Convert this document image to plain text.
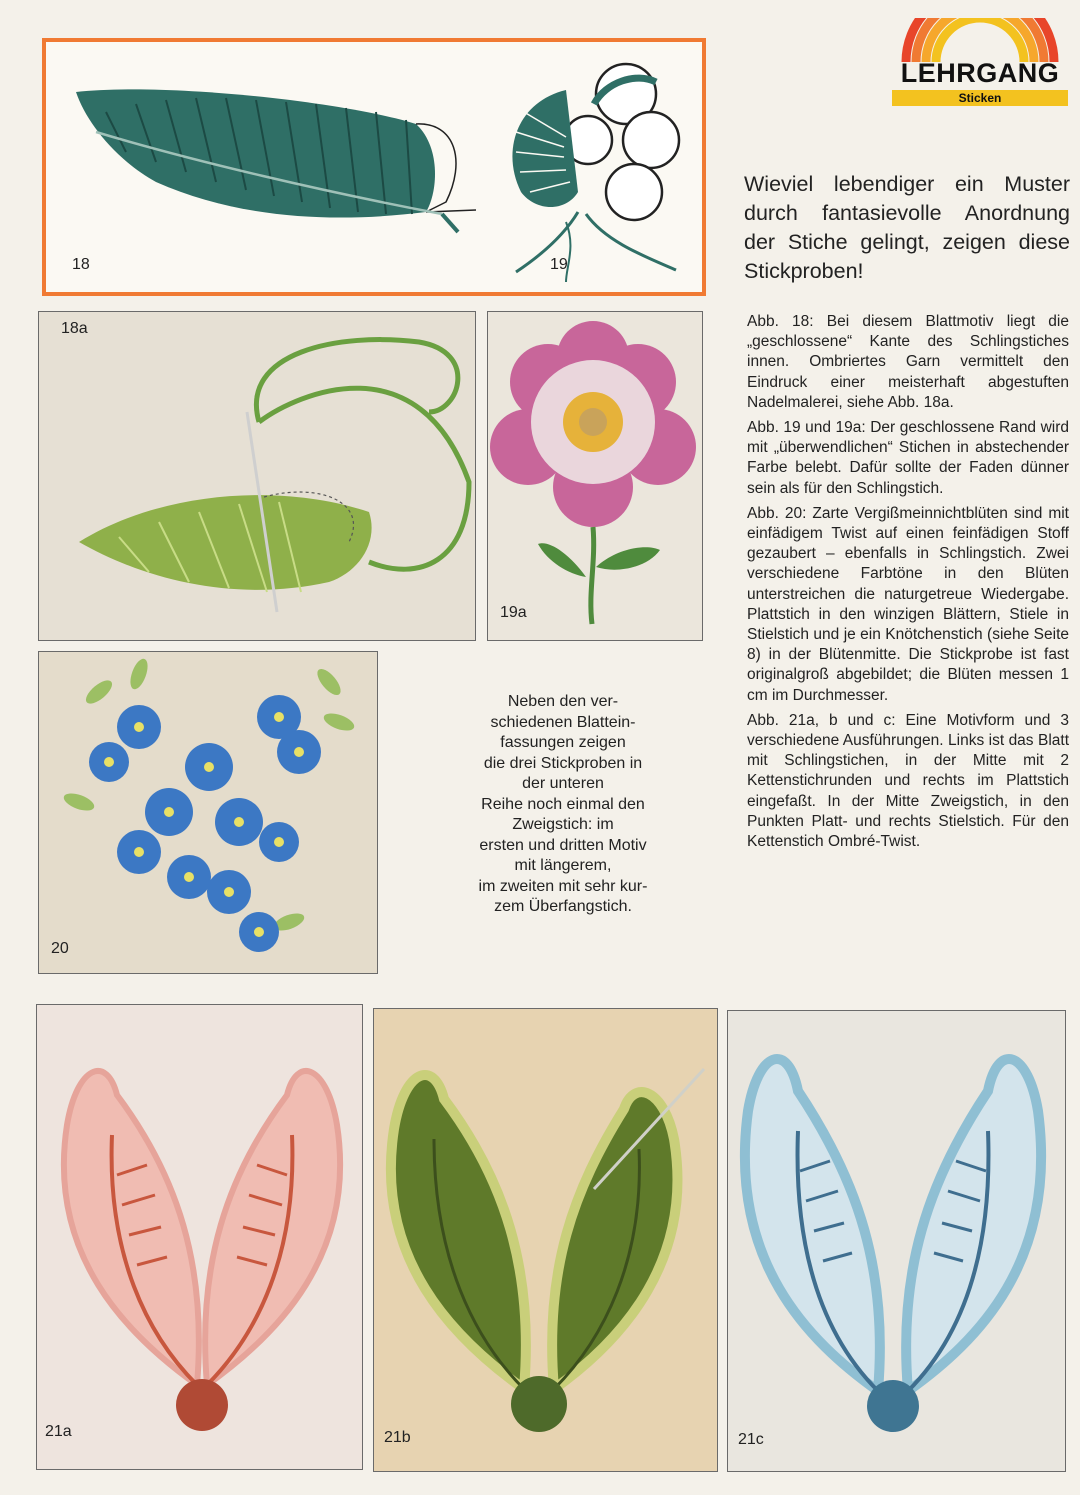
LEHRGANG
Sticken
18	19
Wieviel lebendiger ein Muster durch fantasievolle Anordnung der Stiche gelingt, zeigen diese Stickproben!

Abb. 18: Bei diesem Blattmotiv liegt die „geschlossene“ Kante des Schlingstiches innen. Ombriertes Garn vermittelt den Eindruck einer meisterhaft abgestuften Nadelmalerei, siehe Abb. 18a.

Abb. 19 und 19a: Der geschlossene Rand wird mit „überwendlichen“ Stichen in abstechender Farbe belebt. Dafür sollte der Faden dünner sein als für den Schlingstich.

Abb. 20: Zarte Vergißmeinnichtblüten sind mit einfädigem Twist auf einen feinfädigen Stoff gezaubert – ebenfalls in Schlingstich. Zwei verschiedene Farbtöne in den Blüten unterstreichen die naturgetreue Wiedergabe. Plattstich in den winzigen Blättern, Stiele in Stielstich und je ein Knötchenstich (siehe Seite 8) in der Blütenmitte. Die Stickprobe ist fast originalgroß abgebildet; die Blüten messen 1 cm im Durchmesser.

Abb. 21a, b und c: Eine Motivform und 3 verschiedene Ausführungen. Links ist das Blatt mit Schlingstichen, in der Mitte mit 2 Kettenstichrunden und rechts im Plattstich eingefaßt. In der Mitte Zweigstich, in den Punkten Platt- und rechts Stielstich. Für den Kettenstich Ombré-Twist.

18a
19a
20
Neben den ver-
schiedenen Blattein-
fassungen zeigen
die drei Stickproben in
der unteren
Reihe noch einmal den
Zweigstich: im
ersten und dritten Motiv
mit längerem,
im zweiten mit sehr kur-
zem Überfangstich.
21a	21b	21c
